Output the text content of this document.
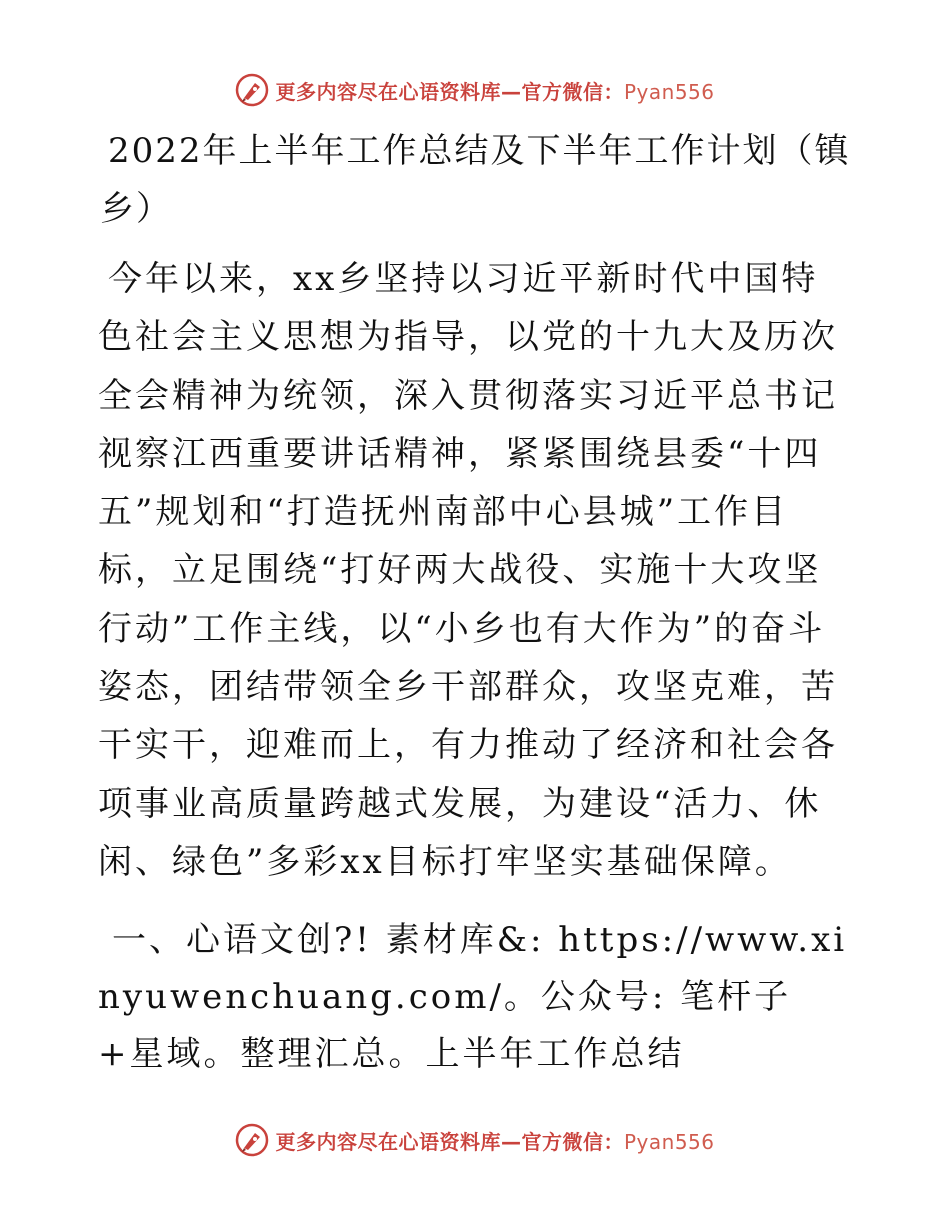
更多内容尽在心语资料库—官方微信：Pyan556
2022年上半年工作总结及下半年工作计划（镇乡）

今年以来，xx乡坚持以习近平新时代中国特色社会主义思想为指导，以党的十九大及历次全会精神为统领，深入贯彻落实习近平总书记视察江西重要讲话精神，紧紧围绕县委“十四五”规划和“打造抚州南部中心县城”工作目标，立足围绕“打好两大战役、实施十大攻坚行动”工作主线，以“小乡也有大作为”的奋斗姿态，团结带领全乡干部群众，攻坚克难，苦干实干，迎难而上，有力推动了经济和社会各项事业高质量跨越式发展，为建设“活力、休闲、绿色”多彩xx目标打牢坚实基础保障。

一、心语文创?! 素材库&: https://www.xinyuwenchuang.com/。公众号: 笔杆子+星域。整理汇总。上半年工作总结

更多内容尽在心语资料库—官方微信：Pyan556
